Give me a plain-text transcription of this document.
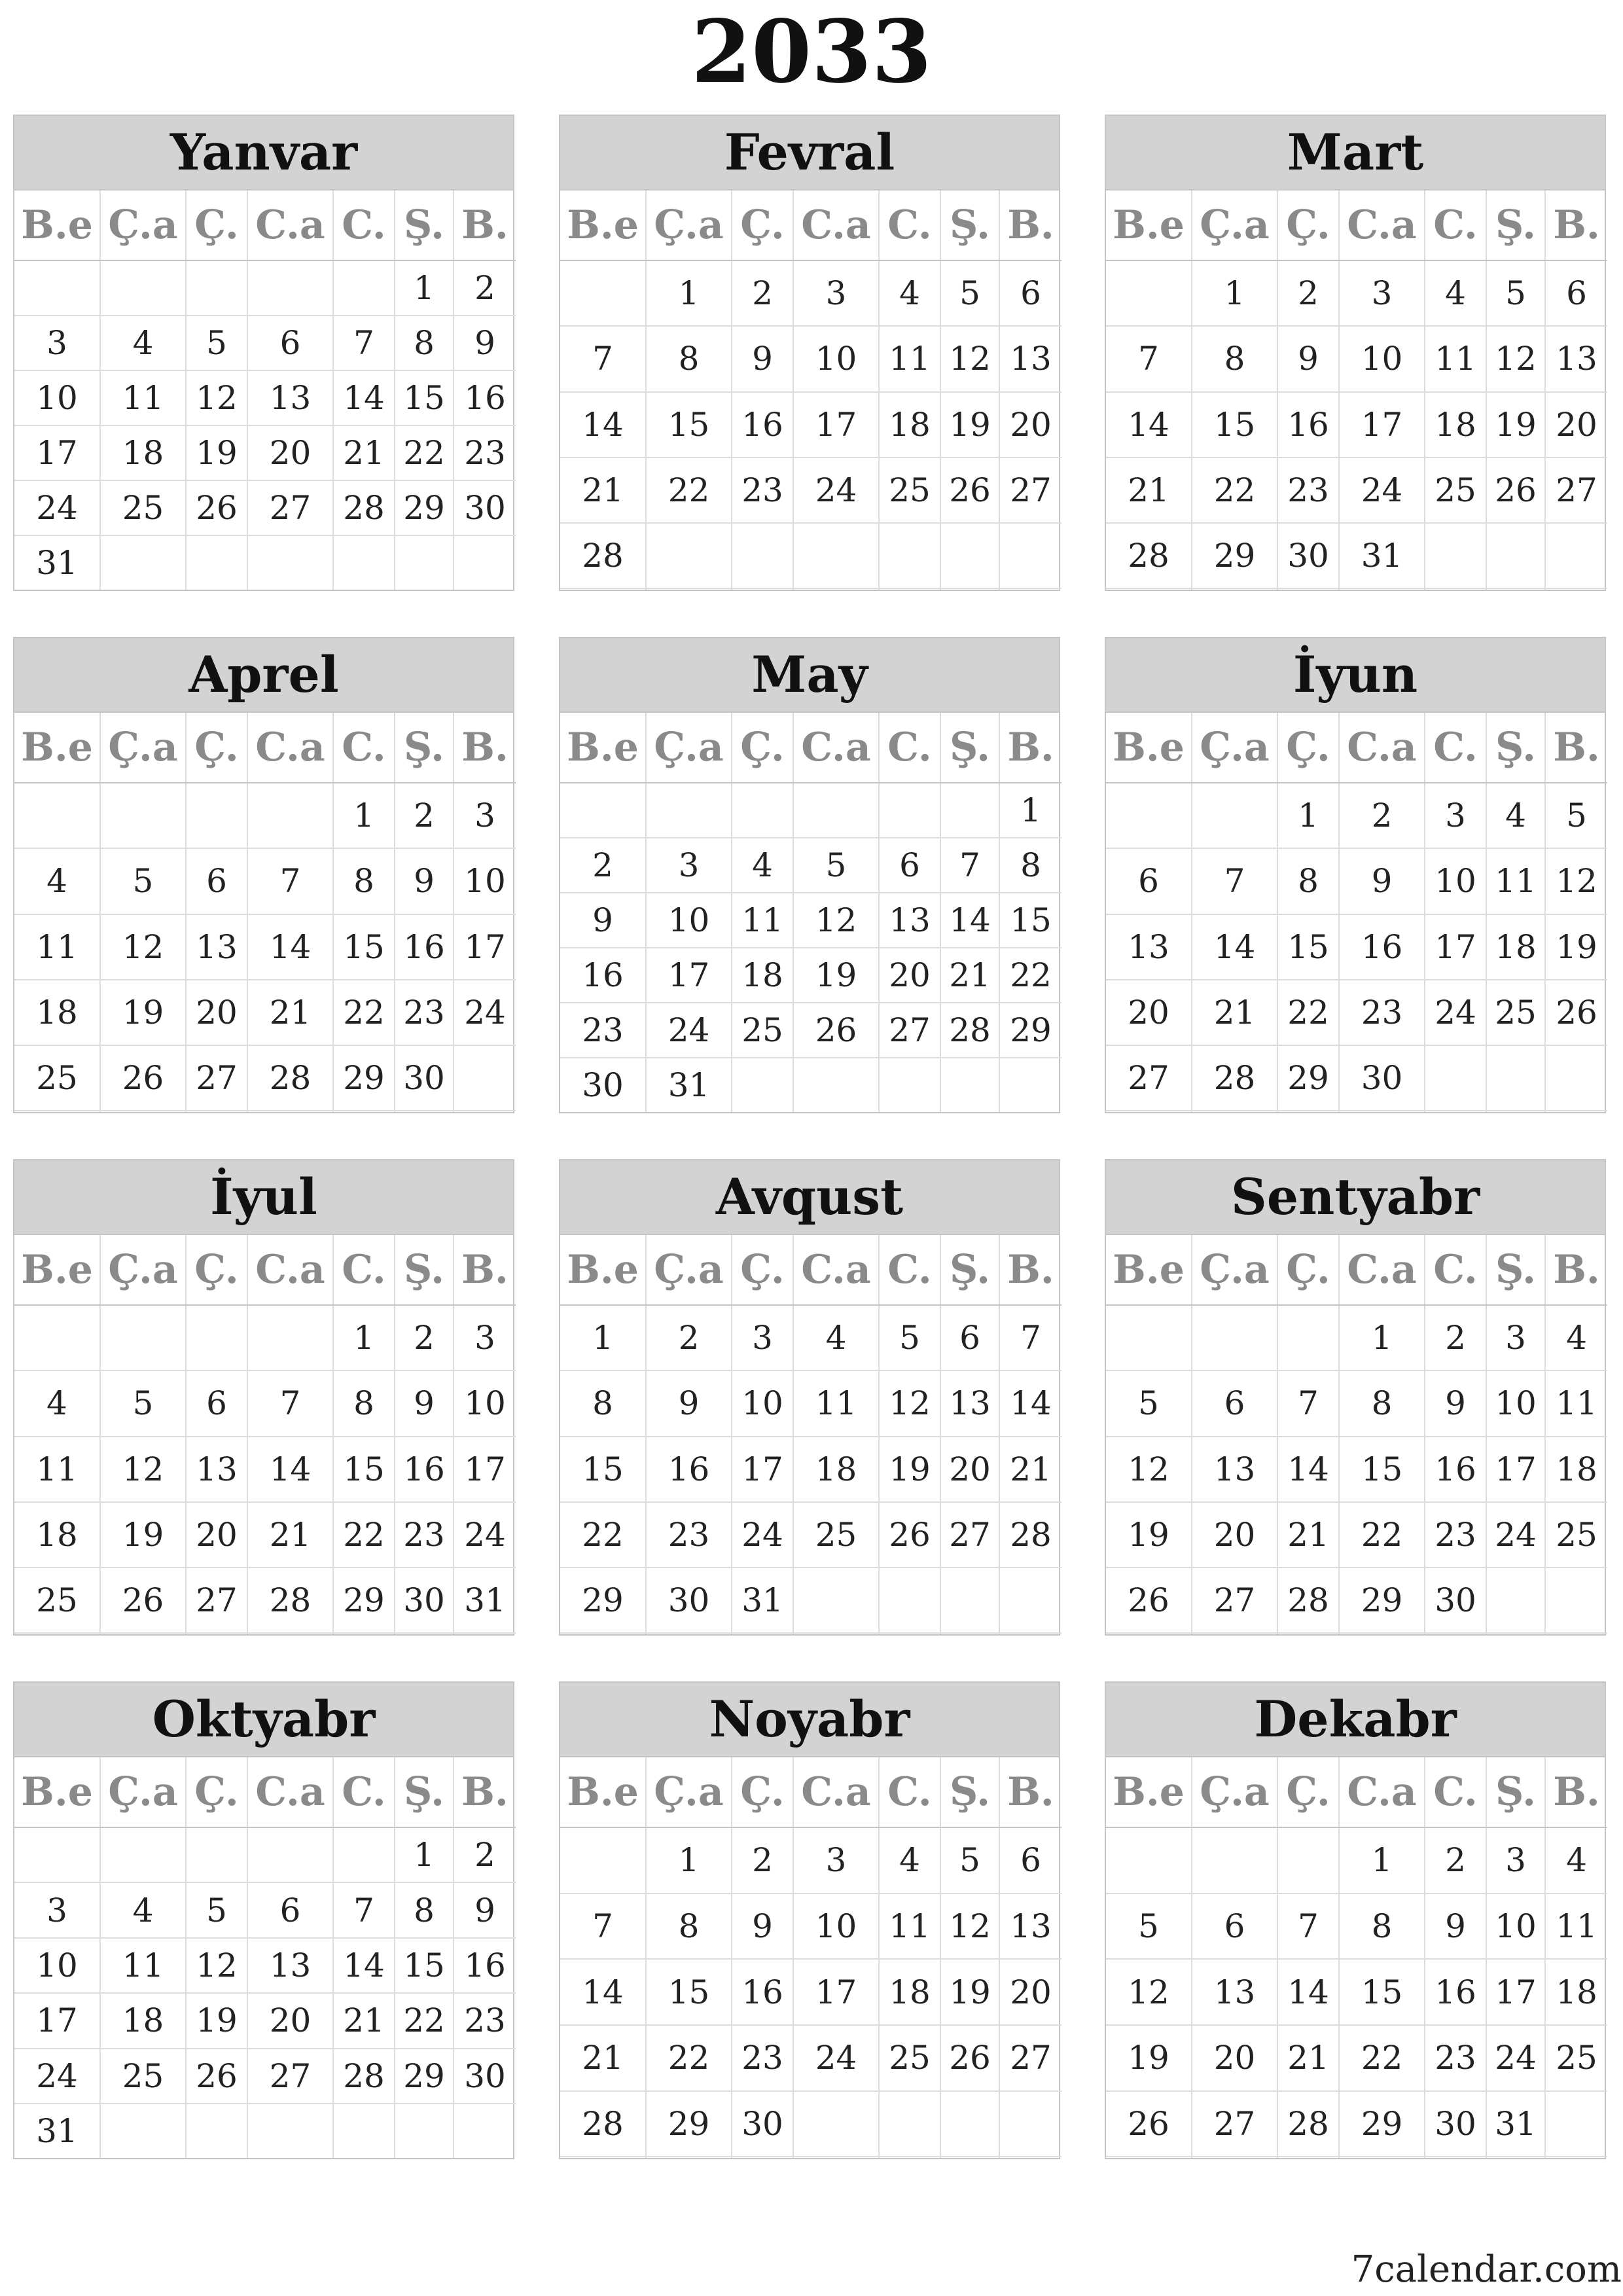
2033
Yanvar
B.e	Ç.a	Ç.	C.a	C.	Ş.	B.
					1	2
3	4	5	6	7	8	9
10	11	12	13	14	15	16
17	18	19	20	21	22	23
24	25	26	27	28	29	30
31						
Fevral
B.e	Ç.a	Ç.	C.a	C.	Ş.	B.
	1	2	3	4	5	6
7	8	9	10	11	12	13
14	15	16	17	18	19	20
21	22	23	24	25	26	27
28						

Mart
B.e	Ç.a	Ç.	C.a	C.	Ş.	B.
	1	2	3	4	5	6
7	8	9	10	11	12	13
14	15	16	17	18	19	20
21	22	23	24	25	26	27
28	29	30	31			

Aprel
B.e	Ç.a	Ç.	C.a	C.	Ş.	B.
				1	2	3
4	5	6	7	8	9	10
11	12	13	14	15	16	17
18	19	20	21	22	23	24
25	26	27	28	29	30	

May
B.e	Ç.a	Ç.	C.a	C.	Ş.	B.
						1
2	3	4	5	6	7	8
9	10	11	12	13	14	15
16	17	18	19	20	21	22
23	24	25	26	27	28	29
30	31					
İyun
B.e	Ç.a	Ç.	C.a	C.	Ş.	B.
		1	2	3	4	5
6	7	8	9	10	11	12
13	14	15	16	17	18	19
20	21	22	23	24	25	26
27	28	29	30			

İyul
B.e	Ç.a	Ç.	C.a	C.	Ş.	B.
				1	2	3
4	5	6	7	8	9	10
11	12	13	14	15	16	17
18	19	20	21	22	23	24
25	26	27	28	29	30	31

Avqust
B.e	Ç.a	Ç.	C.a	C.	Ş.	B.
1	2	3	4	5	6	7
8	9	10	11	12	13	14
15	16	17	18	19	20	21
22	23	24	25	26	27	28
29	30	31				

Sentyabr
B.e	Ç.a	Ç.	C.a	C.	Ş.	B.
			1	2	3	4
5	6	7	8	9	10	11
12	13	14	15	16	17	18
19	20	21	22	23	24	25
26	27	28	29	30		

Oktyabr
B.e	Ç.a	Ç.	C.a	C.	Ş.	B.
					1	2
3	4	5	6	7	8	9
10	11	12	13	14	15	16
17	18	19	20	21	22	23
24	25	26	27	28	29	30
31						
Noyabr
B.e	Ç.a	Ç.	C.a	C.	Ş.	B.
	1	2	3	4	5	6
7	8	9	10	11	12	13
14	15	16	17	18	19	20
21	22	23	24	25	26	27
28	29	30				

Dekabr
B.e	Ç.a	Ç.	C.a	C.	Ş.	B.
			1	2	3	4
5	6	7	8	9	10	11
12	13	14	15	16	17	18
19	20	21	22	23	24	25
26	27	28	29	30	31	

7calendar.com
